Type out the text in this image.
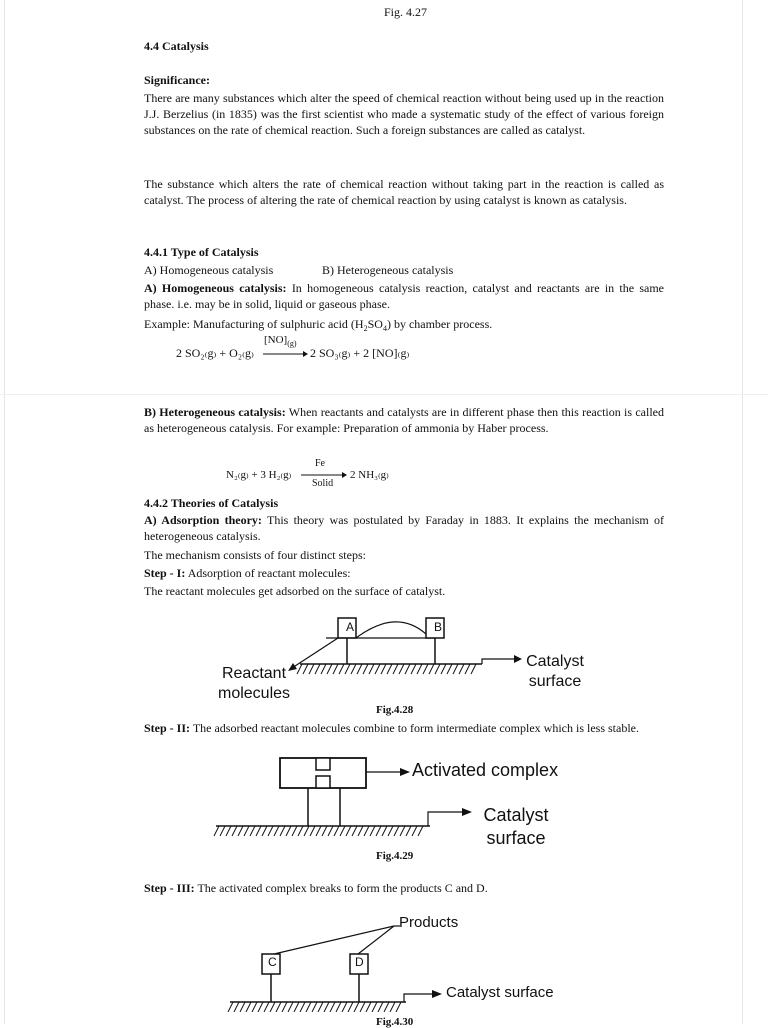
Fig. 4.27
4.4 Catalysis
Significance:
There are many substances which alter the speed of chemical reaction without being used up in the reaction J.J. Berzelius (in 1835) was the first scientist who made a systematic study of the effect of various foreign substances on the rate of chemical reaction. Such a foreign substances are called as catalyst.
The substance which alters the rate of chemical reaction without taking part in the reaction is called as catalyst. The process of altering the rate of chemical reaction by using catalyst is known as catalysis.
4.4.1 Type of Catalysis
A) Homogeneous catalysis	B) Heterogeneous catalysis
A) Homogeneous catalysis: In homogeneous catalysis reaction, catalyst and reactants are in the same phase. i.e. may be in solid, liquid or gaseous phase.
Example: Manufacturing of sulphuric acid $(H_2SO_4)$ by chamber process.
$[NO]_{(g)}$
2 SO₂₍g₎ + O₂₍g₎	2 SO₃₍g₎ + 2 [NO]₍g₎
B) Heterogeneous catalysis: When reactants and catalysts are in different phase then this reaction is called as heterogeneous catalysis. For example: Preparation of ammonia by Haber process.
Fe
N₂₍g₎ + 3 H₂₍g₎
Solid
2 NH₃₍g₎
4.4.2 Theories of Catalysis
A) Adsorption theory: This theory was postulated by Faraday in 1883. It explains the mechanism of heterogeneous catalysis.
The mechanism consists of four distinct steps:
Step - I: Adsorption of reactant molecules:
The reactant molecules get adsorbed on the surface of catalyst.
A	B
Reactant
molecules
Catalyst
surface
Fig.4.28
Step - II: The adsorbed reactant molecules combine to form intermediate complex which is less stable.
Activated complex
Catalyst
surface
Fig.4.29
Step - III: The activated complex breaks to form the products C and D.
C	D
Products
Catalyst surface
Fig.4.30
